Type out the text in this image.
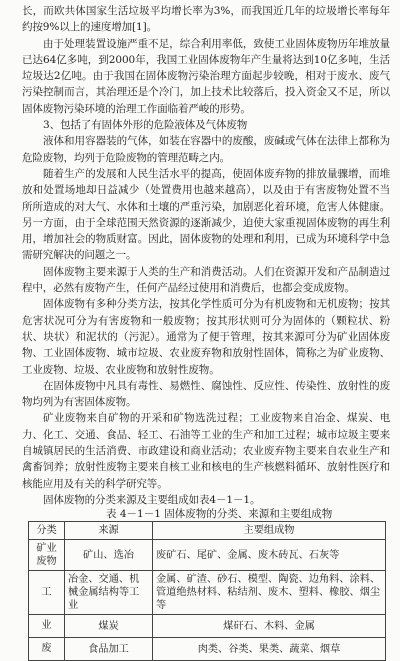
长，而欧共体国家生活垃圾平均增长率为3%，而我国近几年的垃圾增长率每年约按9%以上的速度增加[1]。

由于处理装置设施严重不足，综合利用率低，致使工业固体废物历年堆放量已达64亿多吨，到2000年，我国工业固体废物年产生量将达到10亿多吨，生活垃圾达2亿吨。由于我国在固体废物污染治理方面起步较晚，相对于废水、废气污染控制而言，其治理还是个冷门，加上技术比较落后，投入资金又不足，所以固体废物污染环境的治理工作面临着严峻的形势。

3、包括了有固体外形的危险液体及气体废物

液体和用容器装的气体，如装在容器中的废酸，废碱或气体在法律上都称为危险废物，均列于危险废物的管理范畴之内。

随着生产的发展和人民生活水平的提高，使固体废弃物的排放量骤增，而堆放和处置场地却日益减少（处置费用也越来越高），以及由于有害废物处置不当所所造成的对大气、水体和土壤的严重污染，加剧恶化着环境，危害人体健康。另一方面，由于全球范围天然资源的逐渐减少，迫使大家重视固体废物的再生利用，增加社会的物质财富。因此，固体废物的处理和利用，已成为环境科学中急需研究解决的问题之一。

固体废物主要来源于人类的生产和消费活动。人们在资源开发和产品制造过程中，必然有废物产生，任何产品经过使用和消费后，也都会变成废物。

固体废物有多种分类方法，按其化学性质可分为有机废物和无机废物；按其危害状况可分为有害废物和一般废物；按其形状则可分为固体的（颗粒状、粉状、块状）和泥状的（污泥）。通常为了便于管理，按其来源可分为矿业固体废物、工业固体废物、城市垃圾、农业废弃物和放射性固体，简称之为矿业废物、工业废物、垃圾、农业废物和放射性废物。

在固体废物中凡具有毒性、易燃性、腐蚀性、反应性、传染性、放射性的废物均列为有害固体废物。

矿业废物来自矿物的开采和矿物选洗过程；工业废物来自冶金、煤炭、电力、化工、交通、食品、轻工、石油等工业的生产和加工过程；城市垃圾主要来自城镇居民的生活消费、市政建设和商业活动；农业废弃物主要来自农业生产和禽畜饲养；放射性废物主要来自核工业和核电的生产核燃料循环、放射性医疗和核能应用及有关的科学研究等。

固体废物的分类来源及主要组成如表4－1－1。

表 4－1－1 固体废物的分类、来源和主要组成物
分类	来源	主要组成物
矿业废物	矿山、选冶	废矿石、尾矿、金属、废木砖瓦、石灰等
工	冶金、交通、机械金属结构等工业	金属、矿渣、砂石、模型、陶瓷、边角料、涂料、管道绝热材料、粘结剂、废木、塑料、橡胶、烟尘等
业	煤炭	煤矸石、木料、金属
废	食品加工	肉类、谷类、果类、蔬菜、烟草
